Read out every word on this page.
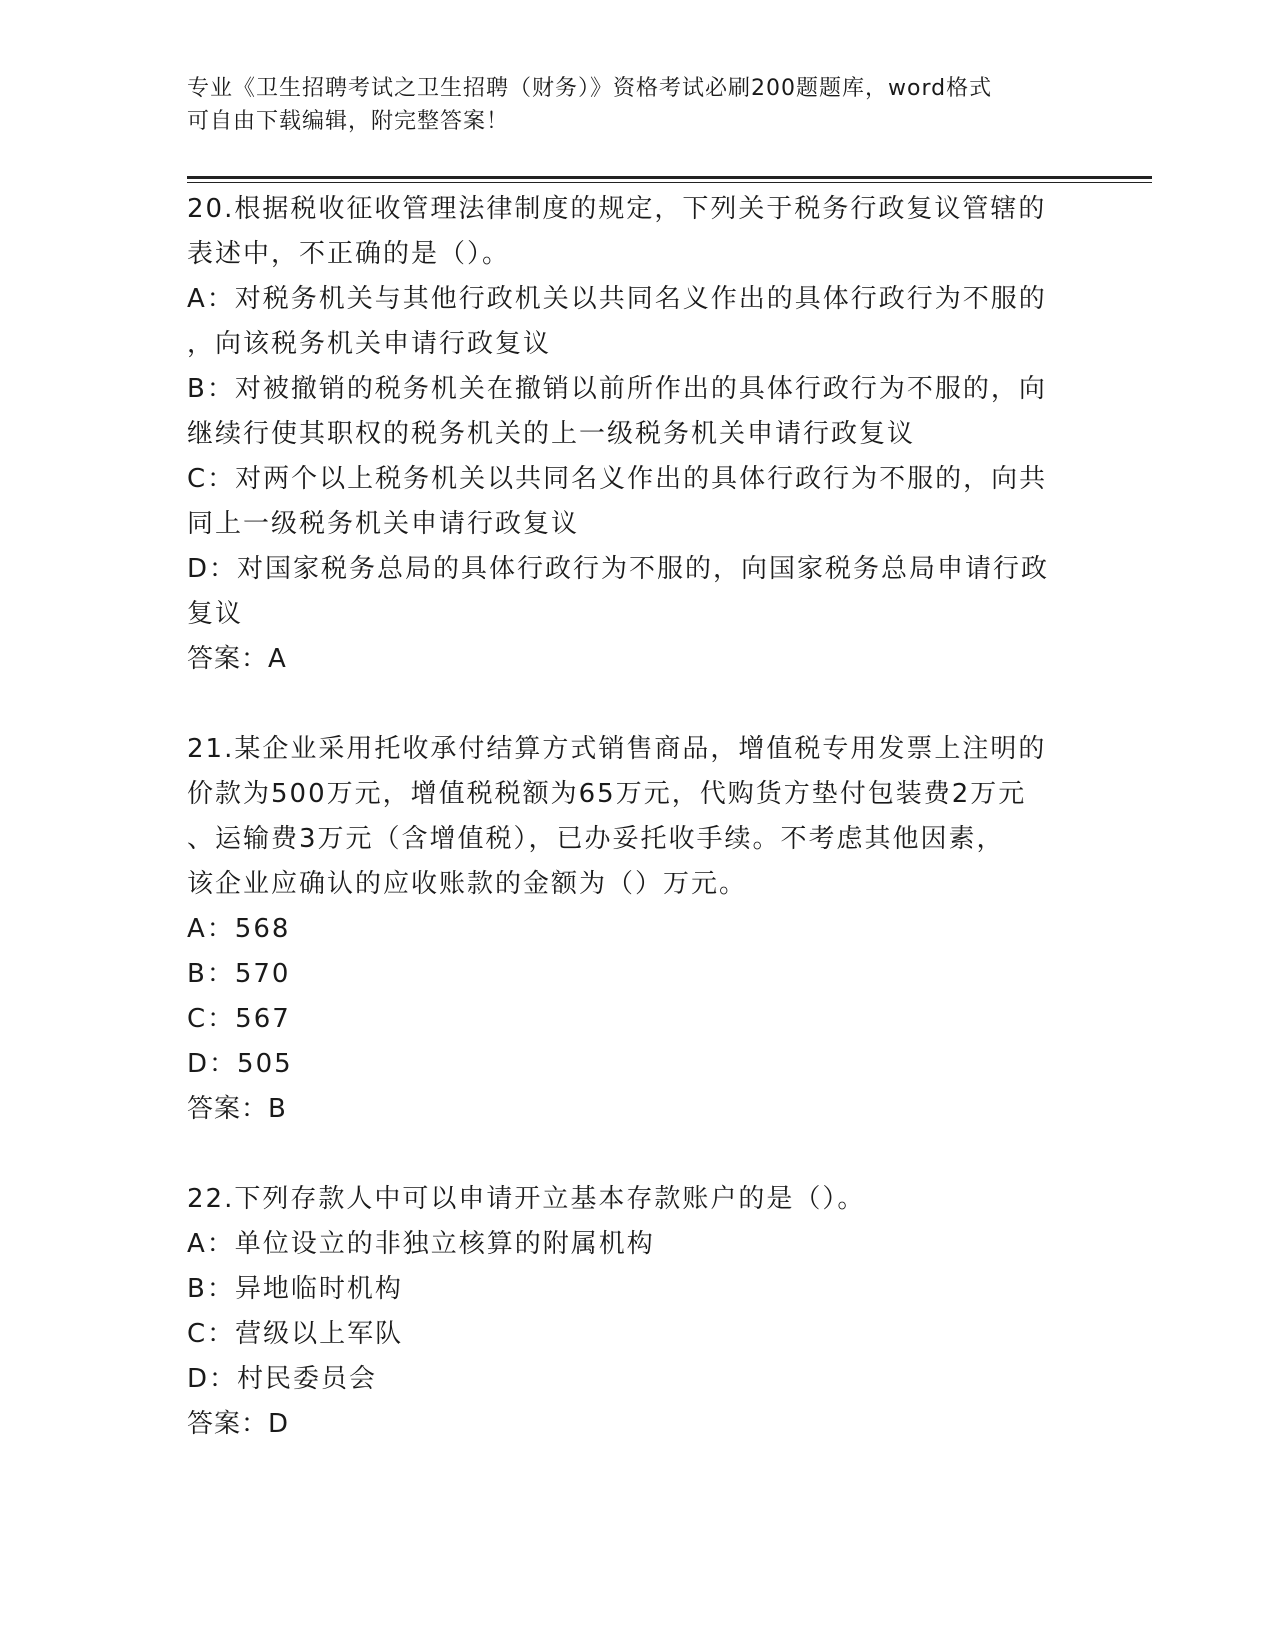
专业《卫生招聘考试之卫生招聘（财务）》资格考试必刷200题题库，word格式
可自由下载编辑，附完整答案！
20.根据税收征收管理法律制度的规定，下列关于税务行政复议管辖的
表述中，不正确的是（）。
A：对税务机关与其他行政机关以共同名义作出的具体行政行为不服的
，向该税务机关申请行政复议
B：对被撤销的税务机关在撤销以前所作出的具体行政行为不服的，向
继续行使其职权的税务机关的上一级税务机关申请行政复议
C：对两个以上税务机关以共同名义作出的具体行政行为不服的，向共
同上一级税务机关申请行政复议
D：对国家税务总局的具体行政行为不服的，向国家税务总局申请行政
复议
答案：A
21.某企业采用托收承付结算方式销售商品，增值税专用发票上注明的
价款为500万元，增值税税额为65万元，代购货方垫付包装费2万元
、运输费3万元（含增值税），已办妥托收手续。不考虑其他因素，
该企业应确认的应收账款的金额为（）万元。
A：568
B：570
C：567
D：505
答案：B
22.下列存款人中可以申请开立基本存款账户的是（）。
A：单位设立的非独立核算的附属机构
B：异地临时机构
C：营级以上军队
D：村民委员会
答案：D
